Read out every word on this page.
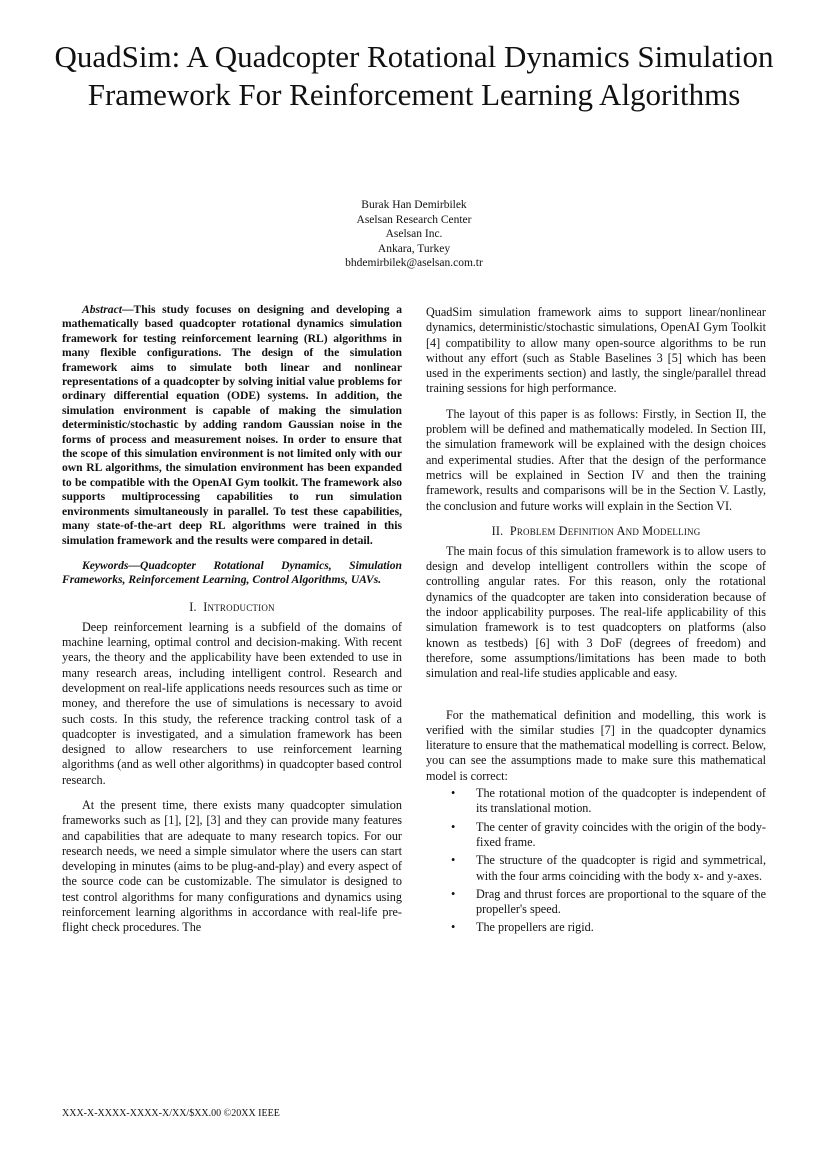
QuadSim: A Quadcopter Rotational Dynamics Simulation Framework For Reinforcement Learning Algorithms
Burak Han Demirbilek
Aselsan Research Center
Aselsan Inc.
Ankara, Turkey
bhdemirbilek@aselsan.com.tr

Abstract—This study focuses on designing and developing a mathematically based quadcopter rotational dynamics simulation framework for testing reinforcement learning (RL) algorithms in many flexible configurations. The design of the simulation framework aims to simulate both linear and nonlinear representations of a quadcopter by solving initial value problems for ordinary differential equation (ODE) systems. In addition, the simulation environment is capable of making the simulation deterministic/stochastic by adding random Gaussian noise in the forms of process and measurement noises. In order to ensure that the scope of this simulation environment is not limited only with our own RL algorithms, the simulation environment has been expanded to be compatible with the OpenAI Gym toolkit. The framework also supports multiprocessing capabilities to run simulation environments simultaneously in parallel. To test these capabilities, many state-of-the-art deep RL algorithms were trained in this simulation framework and the results were compared in detail.

Keywords—Quadcopter Rotational Dynamics, Simulation Frameworks, Reinforcement Learning, Control Algorithms, UAVs.

I. Introduction

Deep reinforcement learning is a subfield of the domains of machine learning, optimal control and decision-making. With recent years, the theory and the applicability have been extended to use in many research areas, including intelligent control. Research and development on real-life applications needs resources such as time or money, and therefore the use of simulations is necessary to avoid such costs. In this study, the reference tracking control task of a quadcopter is investigated, and a simulation framework has been designed to allow researchers to use reinforcement learning algorithms (and as well other algorithms) in quadcopter based control research.

At the present time, there exists many quadcopter simulation frameworks such as [1], [2], [3] and they can provide many features and capabilities that are adequate to many research topics. For our research needs, we need a simple simulator where the users can start developing in minutes (aims to be plug-and-play) and every aspect of the source code can be customizable. The simulator is designed to test control algorithms for many configurations and dynamics using reinforcement learning algorithms in accordance with real-life pre-flight check procedures. The

QuadSim simulation framework aims to support linear/nonlinear dynamics, deterministic/stochastic simulations, OpenAI Gym Toolkit [4] compatibility to allow many open-source algorithms to be run without any effort (such as Stable Baselines 3 [5] which has been used in the experiments section) and lastly, the single/parallel thread training sessions for high performance.

The layout of this paper is as follows: Firstly, in Section II, the problem will be defined and mathematically modeled. In Section III, the simulation framework will be explained with the design choices and experimental studies. After that the design of the performance metrics will be explained in Section IV and then the training framework, results and comparisons will be in the Section V. Lastly, the conclusion and future works will explain in the Section VI.

II. Problem Definition And Modelling

The main focus of this simulation framework is to allow users to design and develop intelligent controllers within the scope of controlling angular rates. For this reason, only the rotational dynamics of the quadcopter are taken into consideration because of the indoor applicability purposes. The real-life applicability of this simulation framework is to test quadcopters on platforms (also known as testbeds) [6] with 3 DoF (degrees of freedom) and therefore, some assumptions/limitations has been made to both simulation and real-life studies applicable and easy.

For the mathematical definition and modelling, this work is verified with the similar studies [7] in the quadcopter dynamics literature to ensure that the mathematical modelling is correct. Below, you can see the assumptions made to make sure this mathematical model is correct:

• The rotational motion of the quadcopter is independent of its translational motion.
• The center of gravity coincides with the origin of the body-fixed frame.
• The structure of the quadcopter is rigid and symmetrical, with the four arms coinciding with the body x- and y-axes.
• Drag and thrust forces are proportional to the square of the propeller's speed.
• The propellers are rigid.
XXX-X-XXXX-XXXX-X/XX/$XX.00 ©20XX IEEE
